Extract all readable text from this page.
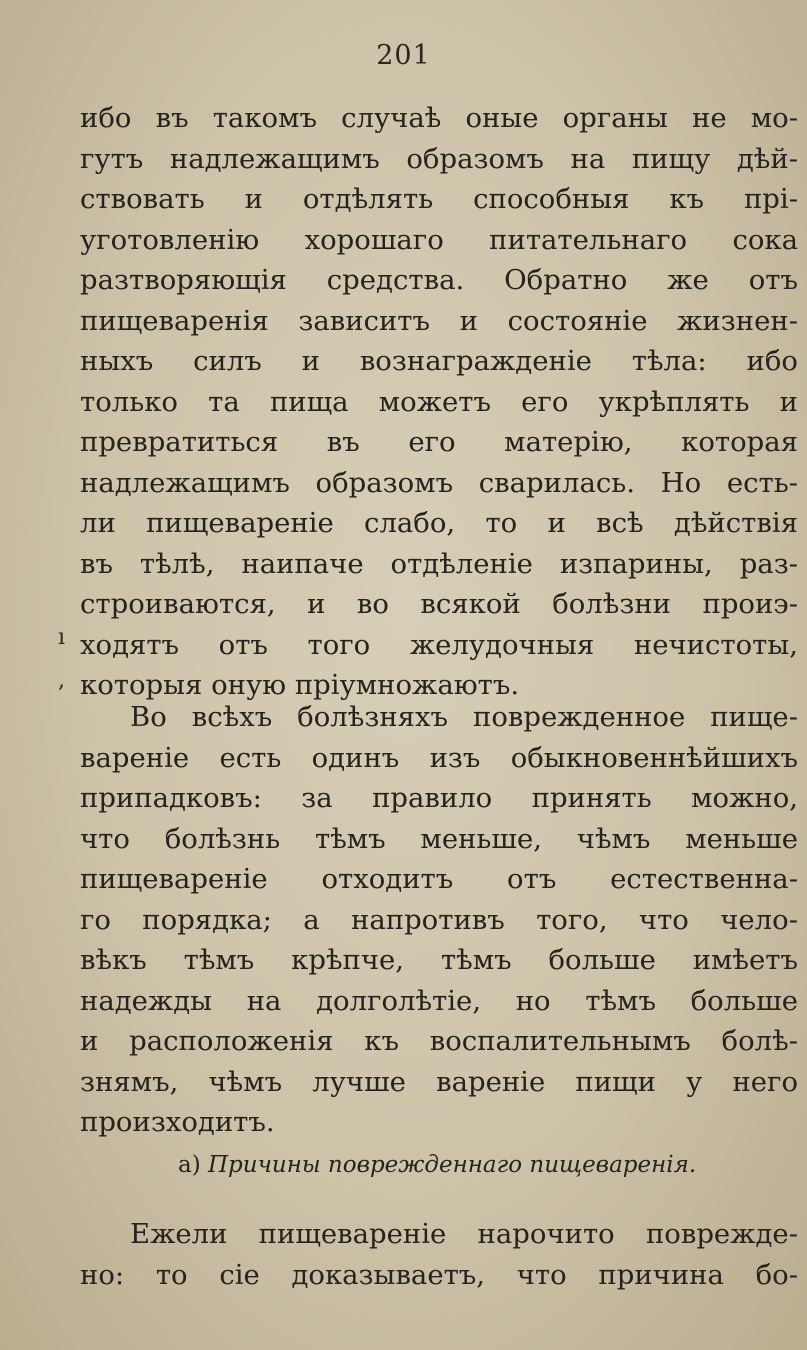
201
ı
,
ибо въ такомъ случаѣ оные органы не мо-
гутъ надлежащимъ образомъ на пищу дѣй-
ствовать и отдѣлять способныя къ прі-
уготовленію хорошаго питательнаго сока
разтворяющія средства. Обратно же отъ
пищеваренія зависитъ и состояніе жизнен-
ныхъ силъ и вознагражденіе тѣла: ибо
только та пища можетъ его укрѣплять и
превратиться въ его матерію, которая
надлежащимъ образомъ сварилась. Но есть-
ли пищевареніе слабо, то и всѣ дѣйствія
въ тѣлѣ, наипаче отдѣленіе изпарины, раз-
строиваются, и во всякой болѣзни проиэ-
ходятъ отъ того желудочныя нечистоты,
которыя оную пріумножаютъ.
Во всѣхъ болѣзняхъ поврежденное пище-
вареніе есть одинъ изъ обыкновеннѣйшихъ
припадковъ: за правило принять можно,
что болѣзнь тѣмъ меньше, чѣмъ меньше
пищевареніе отходитъ отъ естественна-
го порядка; а напротивъ того, что чело-
вѣкъ тѣмъ крѣпче, тѣмъ больше имѣетъ
надежды на долголѣтіе, но тѣмъ больше
и расположенія къ воспалительнымъ болѣ-
знямъ, чѣмъ лучше вареніе пищи у него
произходитъ.
a) Причины поврежденнаго пищеваренія.
Ежели пищевареніе нарочито поврежде-
но: то сіе доказываетъ, что причина бо-
